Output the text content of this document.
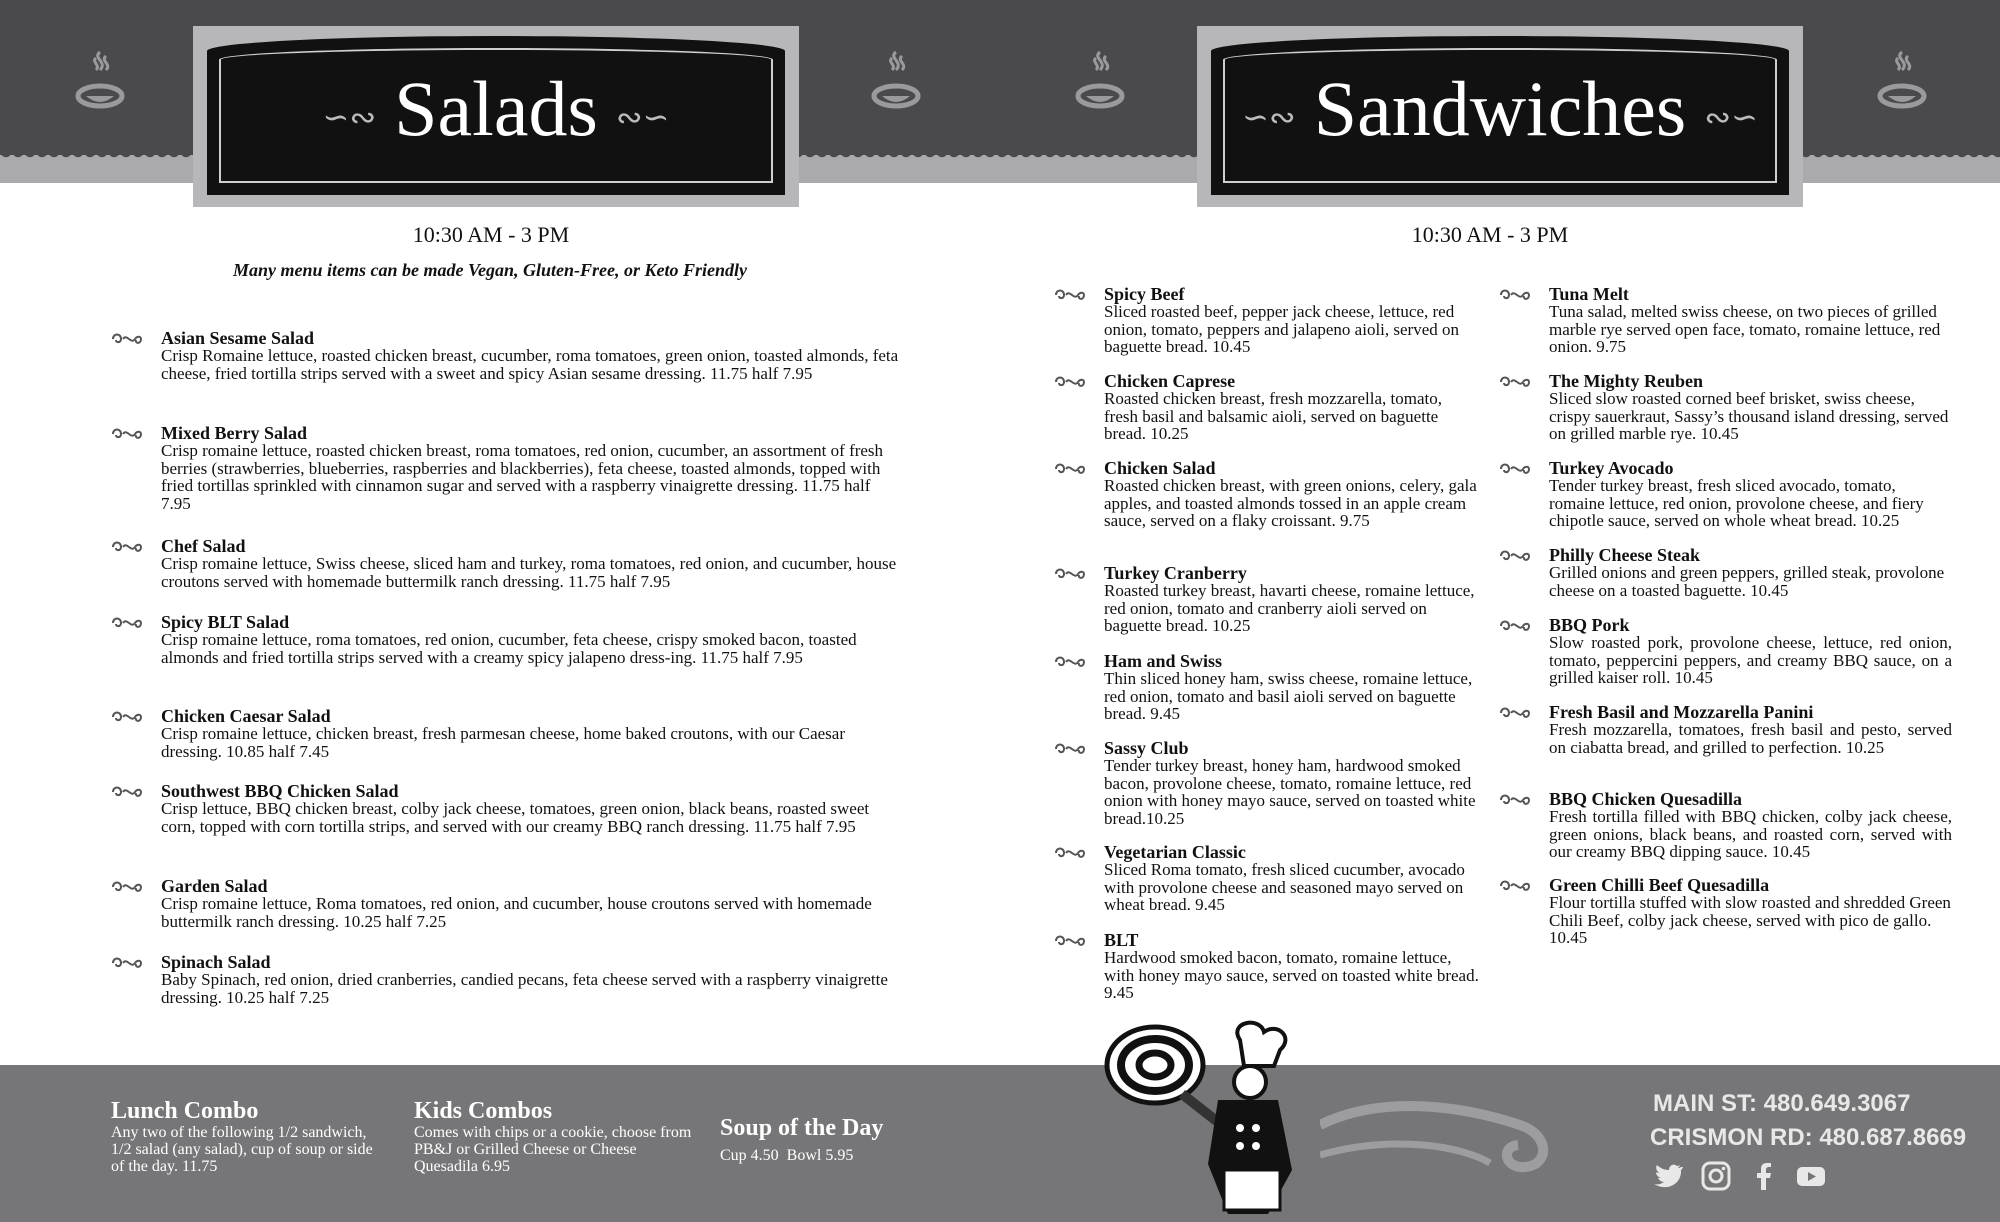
∽∾ Salads ∾∽	∽∾ Sandwiches ∾∽
10:30 AM - 3 PM
Many menu items can be made Vegan, Gluten-Free, or Keto Friendly
Asian Sesame Salad
Crisp Romaine lettuce, roasted chicken breast, cucumber, roma tomatoes, green onion, toasted almonds, feta cheese, fried tortilla strips served with a sweet and spicy Asian sesame dressing. 11.75 half 7.95
Mixed Berry Salad
Crisp romaine lettuce, roasted chicken breast, roma tomatoes, red onion, cucumber, an assortment of fresh berries (strawberries, blueberries, raspberries and blackberries), feta cheese, toasted almonds, topped with fried tortillas sprinkled with cinnamon sugar and served with a raspberry vinaigrette dressing. 11.75 half 7.95
Chef Salad
Crisp romaine lettuce, Swiss cheese, sliced ham and turkey, roma tomatoes, red onion, and cucumber, house croutons served with homemade buttermilk ranch dressing. 11.75 half 7.95
Spicy BLT Salad
Crisp romaine lettuce, roma tomatoes, red onion, cucumber, feta cheese, crispy smoked bacon, toasted almonds and fried tortilla strips served with a creamy spicy jalapeno dress-ing. 11.75 half 7.95
Chicken Caesar Salad
Crisp romaine lettuce, chicken breast, fresh parmesan cheese, home baked croutons, with our Caesar dressing. 10.85 half 7.45
Southwest BBQ Chicken Salad
Crisp lettuce, BBQ chicken breast, colby jack cheese, tomatoes, green onion, black beans, roasted sweet corn, topped with corn tortilla strips, and served with our creamy BBQ ranch dressing. 11.75 half 7.95
Garden Salad
Crisp romaine lettuce, Roma tomatoes, red onion, and cucumber, house croutons served with homemade buttermilk ranch dressing. 10.25 half 7.25
Spinach Salad
Baby Spinach, red onion, dried cranberries, candied pecans, feta cheese served with a raspberry vinaigrette dressing. 10.25 half 7.25
Spicy Beef
Sliced roasted beef, pepper jack cheese, lettuce, red onion, tomato, peppers and jalapeno aioli, served on baguette bread. 10.45
Chicken Caprese
Roasted chicken breast, fresh mozzarella, tomato, fresh basil and balsamic aioli, served on baguette bread. 10.25
Chicken Salad
Roasted chicken breast, with green onions, celery, gala apples, and toasted almonds tossed in an apple cream sauce, served on a flaky croissant. 9.75
Turkey Cranberry
Roasted turkey breast, havarti cheese, romaine lettuce, red onion, tomato and cranberry aioli served on baguette bread. 10.25
Ham and Swiss
Thin sliced honey ham, swiss cheese, romaine lettuce, red onion, tomato and basil aioli served on baguette bread. 9.45
Sassy Club
Tender turkey breast, honey ham, hardwood smoked bacon, provolone cheese, tomato, romaine lettuce, red onion with honey mayo sauce, served on toasted white bread.10.25
Vegetarian Classic
Sliced Roma tomato, fresh sliced cucumber, avocado with provolone cheese and seasoned mayo served on wheat bread. 9.45
BLT
Hardwood smoked bacon, tomato, romaine lettuce, with honey mayo sauce, served on toasted white bread. 9.45
Tuna Melt
Tuna salad, melted swiss cheese, on two pieces of grilled marble rye served open face, tomato, romaine lettuce, red onion. 9.75
The Mighty Reuben
Sliced slow roasted corned beef brisket, swiss cheese, crispy sauerkraut, Sassy’s thousand island dressing, served on grilled marble rye. 10.45
Turkey Avocado
Tender turkey breast, fresh sliced avocado, tomato, romaine lettuce, red onion, provolone cheese, and fiery chipotle sauce, served on whole wheat bread. 10.25
Philly Cheese Steak
Grilled onions and green peppers, grilled steak, provolone cheese on a toasted baguette. 10.45
BBQ Pork
Slow roasted pork, provolone cheese, lettuce, red onion, tomato, peppercini peppers, and creamy BBQ sauce, on a grilled kaiser roll. 10.45
Fresh Basil and Mozzarella Panini
Fresh mozzarella, tomatoes, fresh basil and pesto, served on ciabatta bread, and grilled to perfection. 10.25
BBQ Chicken Quesadilla
Fresh tortilla filled with BBQ chicken, colby jack cheese, green onions, black beans, and roasted corn, served with our creamy BBQ dipping sauce. 10.45
Green Chilli Beef Quesadilla
Flour tortilla stuffed with slow roasted and shredded Green Chili Beef, colby jack cheese, served with pico de gallo. 10.45
10:30 AM - 3 PM
Lunch Combo
Any two of the following 1/2 sandwich, 1/2 salad (any salad), cup of soup or side of the day. 11.75
Kids Combos
Comes with chips or a cookie, choose from PB&J or Grilled Cheese or Cheese Quesadila 6.95
Soup of the Day
Cup 4.50  Bowl 5.95
MAIN ST: 480.649.3067
CRISMON RD: 480.687.8669
